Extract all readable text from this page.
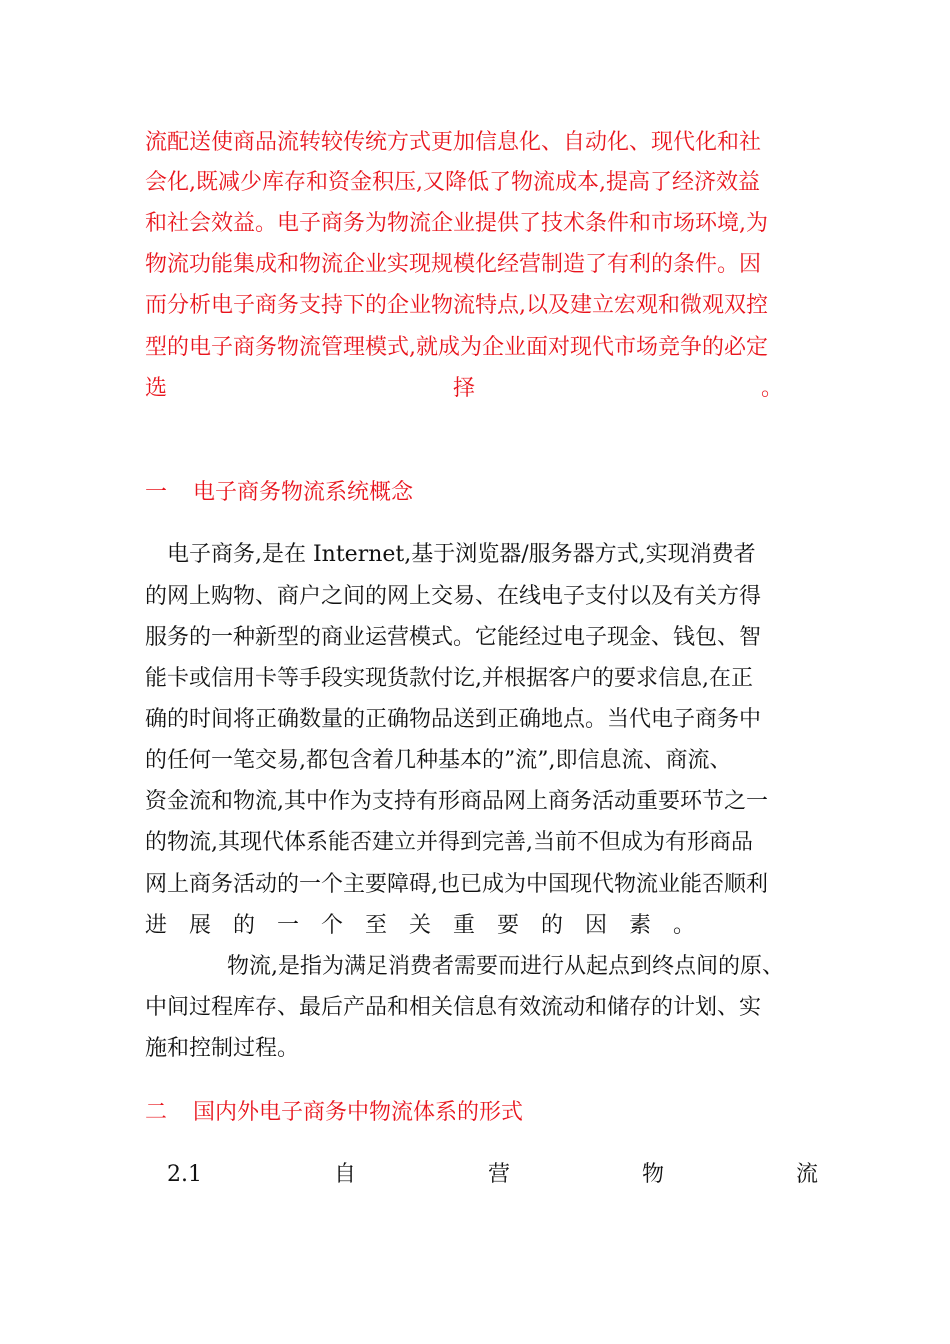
流配送使商品流转较传统方式更加信息化、自动化、现代化和社
会化,既减少库存和资金积压,又降低了物流成本,提高了经济效益
和社会效益。电子商务为物流企业提供了技术条件和市场环境,为
物流功能集成和物流企业实现规模化经营制造了有利的条件。因
而分析电子商务支持下的企业物流特点,以及建立宏观和微观双控
型的电子商务物流管理模式,就成为企业面对现代市场竞争的必定
选　　　　　　　　　　　　　择　　　　　　　　　　　　　。
一 电子商务物流系统概念
电子商务,是在 Internet,基于浏览器/服务器方式,实现消费者
的网上购物、商户之间的网上交易、在线电子支付以及有关方得
服务的一种新型的商业运营模式。它能经过电子现金、钱包、智
能卡或信用卡等手段实现货款付讫,并根据客户的要求信息,在正
确的时间将正确数量的正确物品送到正确地点。当代电子商务中
的任何一笔交易,都包含着几种基本的”流”,即信息流、商流、
资金流和物流,其中作为支持有形商品网上商务活动重要环节之一
的物流,其现代体系能否建立并得到完善,当前不但成为有形商品
网上商务活动的一个主要障碍,也已成为中国现代物流业能否顺利
进　展　的　一　个　至　关　重　要　的　因　素　。
物流,是指为满足消费者需要而进行从起点到终点间的原、
中间过程库存、最后产品和相关信息有效流动和储存的计划、实
施和控制过程。
二 国内外电子商务中物流体系的形式
2.1　　　　　　自　　　　　　营　　　　　　物　　　　　　流
